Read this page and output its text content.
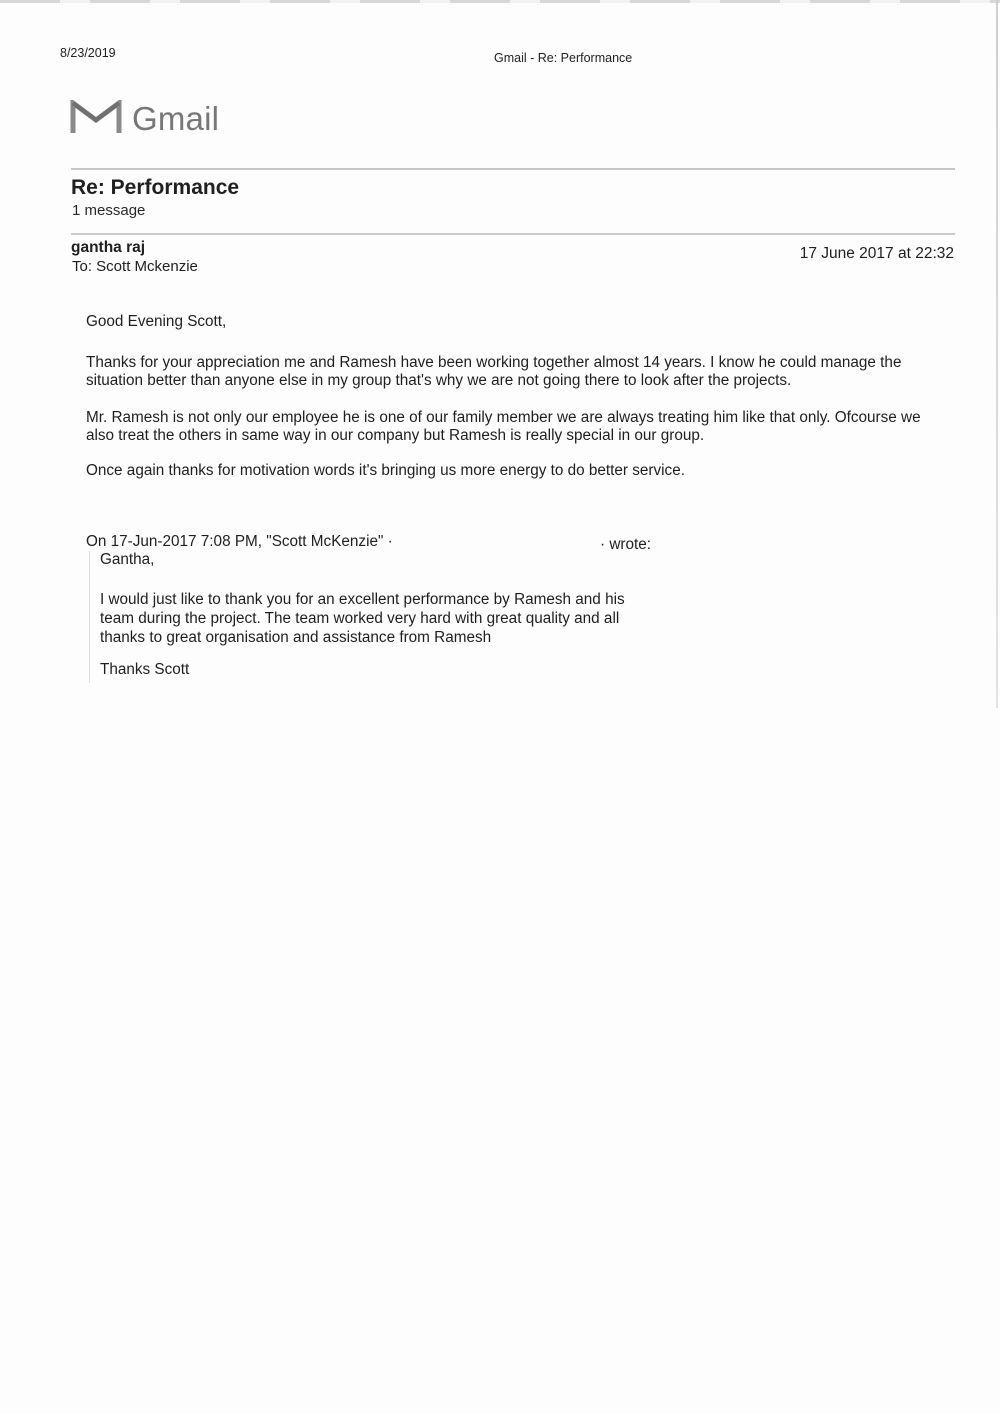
8/23/2019	Gmail - Re: Performance
Gmail
Re: Performance
1 message
gantha raj
To: Scott Mckenzie
17 June 2017 at 22:32
Good Evening Scott,
Thanks for your appreciation me and Ramesh have been working together almost 14 years. I know he could manage the situation better than anyone else in my group that's why we are not going there to look after the projects.
Mr. Ramesh is not only our employee he is one of our family member we are always treating him like that only. Ofcourse we also treat the others in same way in our company but Ramesh is really special in our group.
Once again thanks for motivation words it's bringing us more energy to do better service.
On 17-Jun-2017 7:08 PM, "Scott McKenzie" ·	· wrote:
Gantha,
I would just like to thank you for an excellent performance by Ramesh and his team during the project. The team worked very hard with great quality and all thanks to great organisation and assistance from Ramesh
Thanks Scott
